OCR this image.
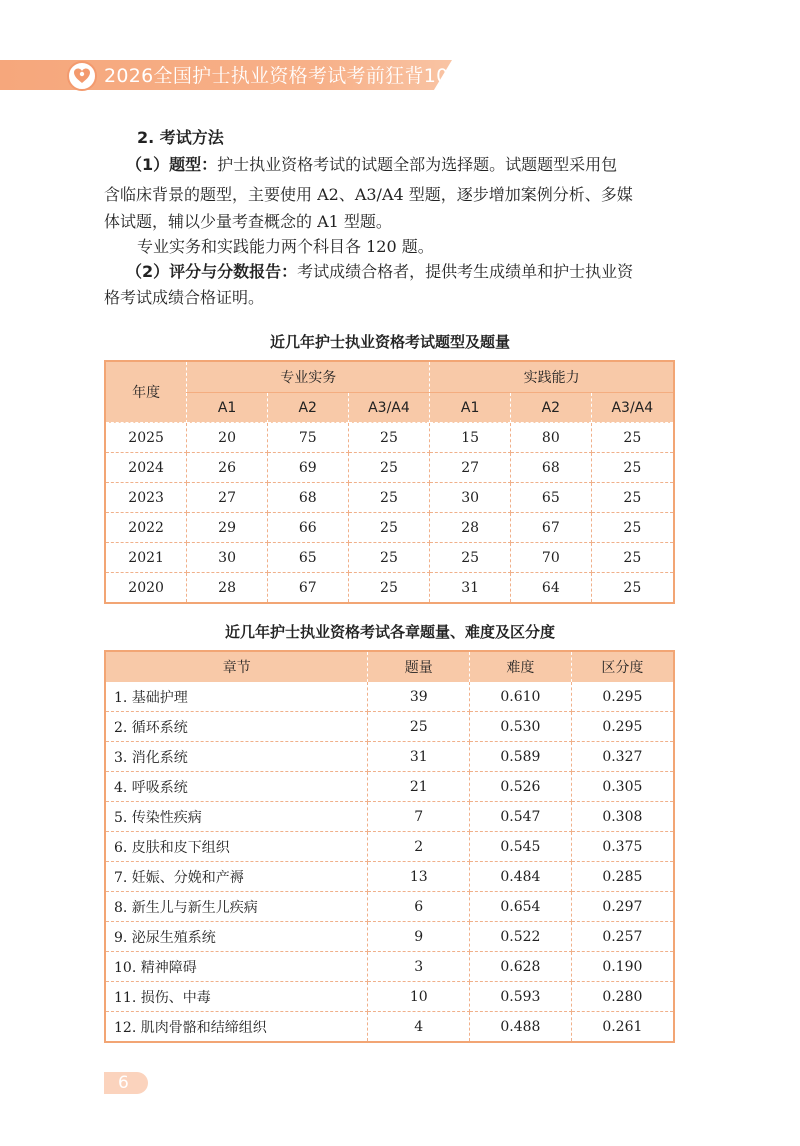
2026全国护士执业资格考试考前狂背100天

2. 考试方法

（1）题型：护士执业资格考试的试题全部为选择题。试题题型采用包

含临床背景的题型，主要使用 A2、A3/A4 型题，逐步增加案例分析、多媒

体试题，辅以少量考查概念的 A1 型题。

专业实务和实践能力两个科目各 120 题。

（2）评分与分数报告：考试成绩合格者，提供考生成绩单和护士执业资

格考试成绩合格证明。

近几年护士执业资格考试题型及题量
年度	专业实务			实践能力		
	A1	A2	A3/A4	A1	A2	A3/A4
2025	20	75	25	15	80	25
2024	26	69	25	27	68	25
2023	27	68	25	30	65	25
2022	29	66	25	28	67	25
2021	30	65	25	25	70	25
2020	28	67	25	31	64	25
近几年护士执业资格考试各章题量、难度及区分度
章节	题量	难度	区分度
1. 基础护理	39	0.610	0.295
2. 循环系统	25	0.530	0.295
3. 消化系统	31	0.589	0.327
4. 呼吸系统	21	0.526	0.305
5. 传染性疾病	7	0.547	0.308
6. 皮肤和皮下组织	2	0.545	0.375
7. 妊娠、分娩和产褥	13	0.484	0.285
8. 新生儿与新生儿疾病	6	0.654	0.297
9. 泌尿生殖系统	9	0.522	0.257
10. 精神障碍	3	0.628	0.190
11. 损伤、中毒	10	0.593	0.280
12. 肌肉骨骼和结缔组织	4	0.488	0.261
6
